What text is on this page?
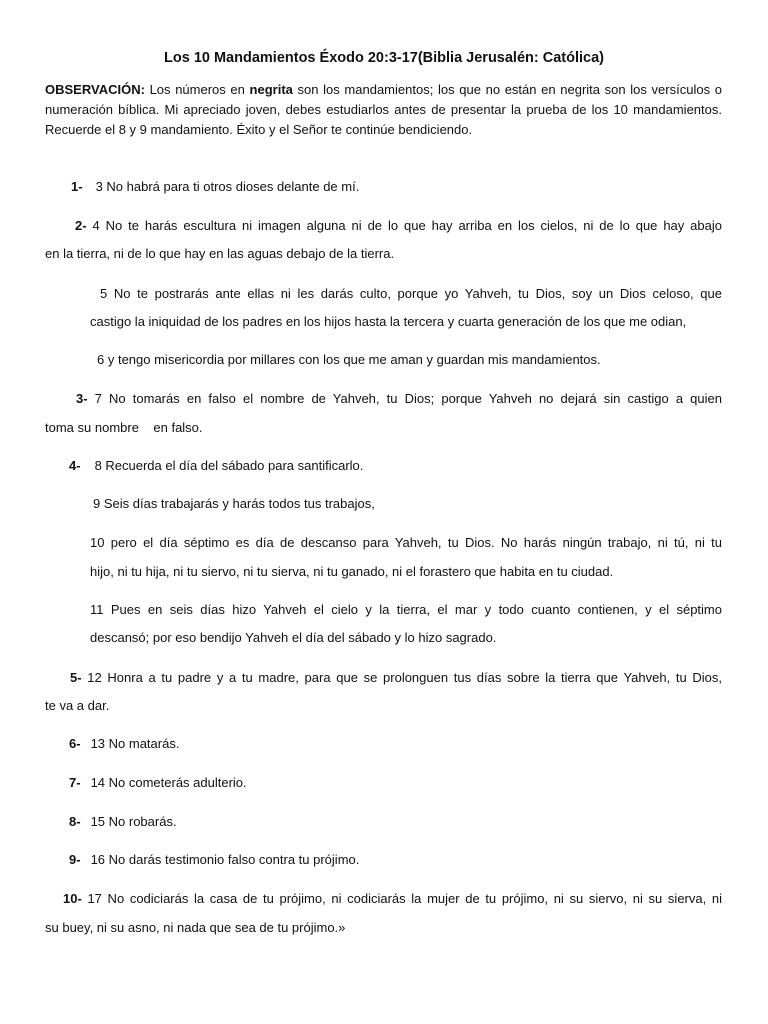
Los 10 Mandamientos Éxodo 20:3-17(Biblia Jerusalén: Católica)
OBSERVACIÓN: Los números en negrita son los mandamientos; los que no están en negrita son los versículos o numeración bíblica. Mi apreciado joven, debes estudiarlos antes de presentar la prueba de los 10 mandamientos. Recuerde el 8 y 9 mandamiento. Éxito y el Señor te continúe bendiciendo.
1- 3 No habrá para ti otros dioses delante de mí.
2- 4 No te harás escultura ni imagen alguna ni de lo que hay arriba en los cielos, ni de lo que hay abajo
en la tierra, ni de lo que hay en las aguas debajo de la tierra.
5 No te postrarás ante ellas ni les darás culto, porque yo Yahveh, tu Dios, soy un Dios celoso, que
castigo la iniquidad de los padres en los hijos hasta la tercera y cuarta generación de los que me odian,
6 y tengo misericordia por millares con los que me aman y guardan mis mandamientos.
3- 7 No tomarás en falso el nombre de Yahveh, tu Dios; porque Yahveh no dejará sin castigo a quien
toma su nombre    en falso.
4- 8 Recuerda el día del sábado para santificarlo.
9 Seis días trabajarás y harás todos tus trabajos,
10 pero el día séptimo es día de descanso para Yahveh, tu Dios. No harás ningún trabajo, ni tú, ni tu
hijo, ni tu hija, ni tu siervo, ni tu sierva, ni tu ganado, ni el forastero que habita en tu ciudad.
11 Pues en seis días hizo Yahveh el cielo y la tierra, el mar y todo cuanto contienen, y el séptimo
descansó; por eso bendijo Yahveh el día del sábado y lo hizo sagrado.
5- 12 Honra a tu padre y a tu madre, para que se prolonguen tus días sobre la tierra que Yahveh, tu Dios,
te va a dar.
6- 13 No matarás.
7- 14 No cometerás adulterio.
8- 15 No robarás.
9- 16 No darás testimonio falso contra tu prójimo.
10- 17 No codiciarás la casa de tu prójimo, ni codiciarás la mujer de tu prójimo, ni su siervo, ni su sierva, ni
su buey, ni su asno, ni nada que sea de tu prójimo.»
